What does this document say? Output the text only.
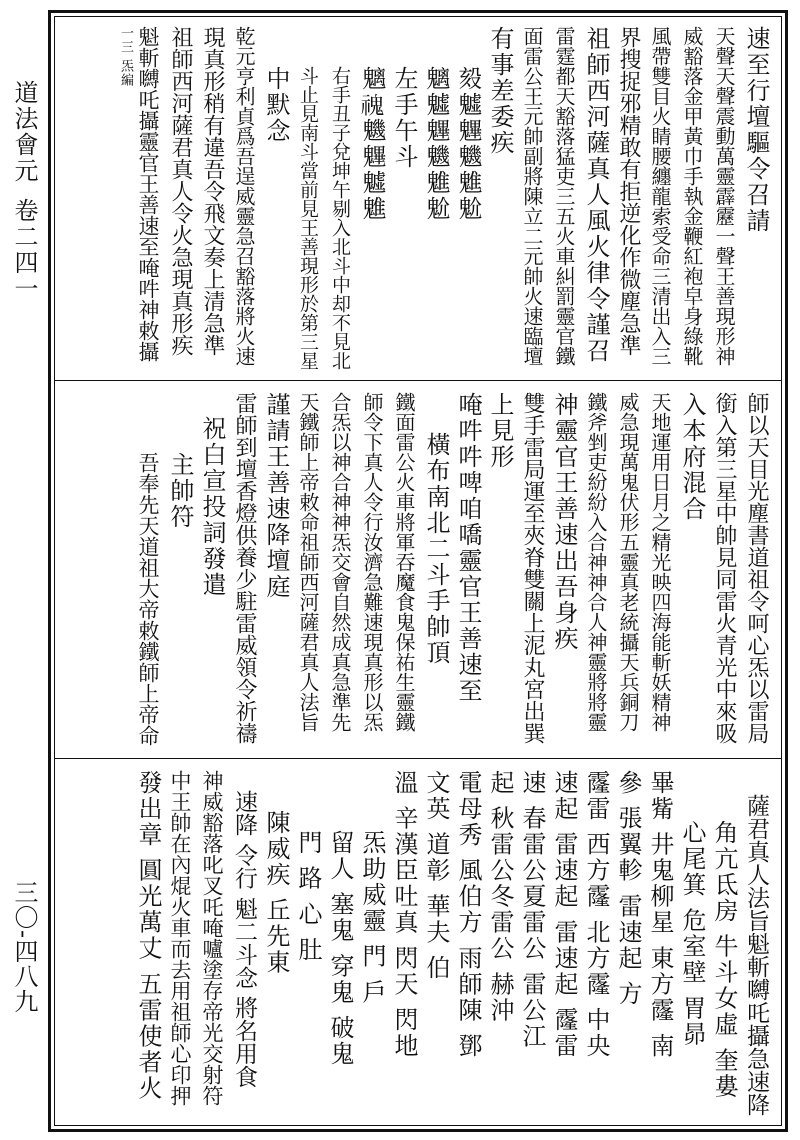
道法會元
卷二四一
三〇-四八九
速至行壇驅令召請
天聲天聲震動萬靈霹靂一聲王善現形神
威豁落金甲黃巾手執金鞭紅袍皁身綠靴
風帶雙目火睛腰纏龍索受命三清出入三
界搜捉邪精敢有拒逆化作微塵急準
祖師西河薩真人風火律令謹召
雷霆都天豁落猛吏三五火車糾罰靈官鐵
面雷公王元帥副將陳立二元帥火速臨壇
有事差委疾
㱾魖魓魕魋魀
魑魖魓魕魋魀
左手午斗
魑𩲡魕魓魖魋
右手丑子兌坤午剔入北斗中却不見北
斗止見南斗當前見王善現形於第三星
中默念
乾元亨利貞爲吾逞威靈急召豁落將火速
現真形稍有違吾令飛文奏上清急準
祖師西河薩君真人令火急現真形疾
魁斬嚩吒攝靈官王善速至唵吽神敕攝
一三 炁編
師以天目光塵書道祖令呵心炁以雷局
銜入第三星中帥見同雷火青光中來吸
入本府混合
天地運用日月之精光映四海能斬妖精神
威急現萬鬼伏形五靈真老統攝天兵銅刀
鐵斧剉吏紛紛入合神神合人神靈將將靈
神靈官王善速出吾身疾
雙手雷局運至夾脊雙關上泥丸宮出巽
上見形
唵吽吽啤咱嘺靈官王善速至
橫布南北二斗手帥頂
鐵面雷公火車將軍吞魔食鬼保祐生靈鐵
師令下真人令行汝濟急難速現真形以炁
合炁以神合神神炁交會自然成真急準先
天鐵師上帝敕命祖師西河薩君真人法旨
謹請王善速降壇庭
雷師到壇香燈供養少駐雷威領令祈禱
祝白宣投詞發遣
主帥符
吾奉先天道祖大帝敕鐵師上帝命
薩君真人法旨魁斬嚩吒攝急速降
角亢氐房 牛斗女虛 奎婁
心尾箕 危室壁 胃昴
畢觜 井鬼柳星 東方霳 南
參 張翼軫 雷速起 方
霳雷 西方霳 北方霳 中央
速起 雷速起 雷速起 霳雷
速 春雷公夏雷公 雷公江
起 秋雷公冬雷公 赫沖
電母秀 風伯方 雨師陳 鄧
文英 道彰 華夫 伯
溫 辛漢臣吐真 閃天 閃地
炁助威靈 門 戶
留人 塞鬼 穿鬼 破鬼
門 路 心 肚
陳威疾 丘先東
速降 令行 魁二斗念 將名用食
神威豁落叱叉吒唵嚧塗存帝光交射符
中王帥在內焜火車而去用祖師心印押
發出章 圓光萬丈 五雷使者火
